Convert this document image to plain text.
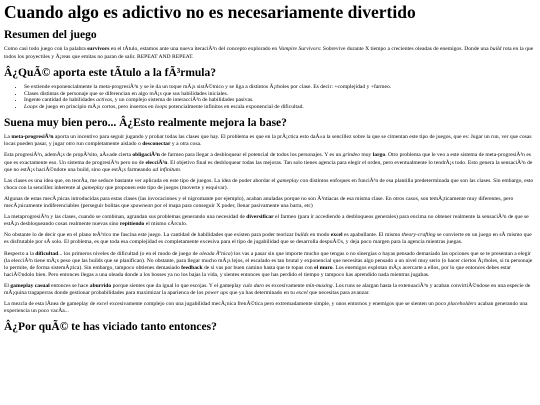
Cuando algo es adictivo no es necesariamente divertido
Resumen del juego

Como casi todo juego con la palabra survivors en el tÃtulo, estamos ante una nueva iteraciÃ³n del concepto explorado en Vampire Survivors: Sobrevive durante X tiempo a crecientes oleadas de enemigos. Donde una build rota en la que todos los proyectiles y Ã¡reas que emitas no paran de salir. REPEAT AND REPEAT.

Â¿QuÃ© aporta este tÃtulo a la fÃ³rmula?
• Se extiende exponencialmente la meta-progresiÃ³n y se le da un toque mÃ¡s sistÃ©mico y se liga a distintos Ã¡rboles por clase. Es decir: +complejidad y +farmeo.
• Clases distintas de personaje que se diferencian en algo mÃ¡s que sus habilidades iniciales.
• Ingente cantidad de habilidades activas, y un complejo sistema de interacciÃ³n de habilidades pasivas.
• Loops de juego en principio mÃ¡s cortos, pero insertos en loops potencialmente infinitos en escala exponencial de dificultad.
Suena muy bien pero... Â¿Esto realmente mejora la base?

La meta-progresiÃ³n aporta un incentivo para seguir jugando y probar todas las clases que hay. El problema es que en la prÃ¡ctica esto daÃ±a la sencillez sobre la que se cimentan este tipo de juegos, que es: Jugar un run, ver que cosas locas pueden pasar, y jugar otro run completamente aislado o desconectar y a otra cosa.

Esta progresiÃ³n, ademÃ¡s de propÃ³sito, aÃ±ade cierta obligaciÃ³n de farmeo para llegar a desbloquear el potencial de todos los personajes. Y es un grindeo muy largo. Otro problema que le veo a este sistema de meta-progresiÃ³n es que es exactamente eso. Un sistema de progresiÃ³n pero no de elecciÃ³n. El objetivo final es desbloquear todas las mejoras. Tan solo tienes agencia para elegir el orden, pero eventualmente lo tendrÃ¡s todo. Esto genera la sensaciÃ³n de que no estÃ¡s haciÃ©ndote una build, sino que estÃ¡s farmeando ad infinitum.

Las clases es una idea que, en teorÃa, me seduce bastante ver aplicada en este tipo de juegos. La idea de poder abordar el gameplay con distintos enfoques en funciÃ³n de esa plantilla predeterminada que son las clases. Sin embargo, esto choca con la sencillez inherente al gameplay que proponen este tipo de juegos (moverte y esquivar).

Algunas de estas mecÃ¡nicas introducidas para estas clases (las invocaciones y el nigromante por ejemplo), acaban anuladas porque no son Ã³ntiacas de esa misma clase. En otros casos, son temÃ¡ticamente muy diferentes, pero mecÃ¡nicamente indiferenciables (perseguir bolitas que spawnean por el mapa para conseguir X poder, llenar pasivamente una barra, etc)

La metaprogresiÃ³n y las clases, cuando se combinan, agrandan sus problemas generando una necesidad de diversificar el farmeo (para ir accediendo a desbloqueos generales) para encima no obtener realmente la sensaciÃ³n de que se estÃ¡n desbloqueando cosas realmente nuevas sino repitiendo el mismo cÃrculo.

No obstante lo de decir que en el plano teÃ³rico me fascina este juego. La cantidad de habilidades que existen para poder teorizar builds en modo excel es apabullante. El mismo theory-crafting se convierte en un juego en sÃ mismo que es disfrutable por sÃ solo. El problema, es que toda esa complejidad es completamente excesiva para el tipo de jugabilidad que se desarrolla despuÃ©s, y deja poco margen para la agencia mientras juegas.

Respecto a la dificultad... los primeros niveles de dificultad (o en el modo de juego de oleada Ãºnica) los vas a pasar sin que importe mucho que tengas o no sinergias o hayas pensado demasiado las opciones que se te presentan a elegir (la elecciÃ³n tiene mÃ¡s peso que las builds que se planifican). No obstante, para llegar mucho mÃ¡s lejos, el escalado es tan brutal y exponencial que necesitas algo pensado a un nivel muy serio (o hacer ciertos Ã¡rboles, si tu personaje lo permite, de forma sistemÃ¡tica). Sin embargo, tampoco obtienes demasiado feedback de si vas por buen camino hasta que te topas con el muro. Los enemigos explotan mÃ¡s acercarte a ellos, por lo que entonces debes estar haciÃ©ndolo bien. Pero entonces llegas a una oleada donde a los bosses ya no los bajas la vida, y sientes entonces que has perdido el tiempo y tampoco has aprendido nada mientras jugabas.

El gameplay casual entonces se hace aburrido porque sientes que da igual lo que escojas. Y el gameplay culo duro es excesivamente min-maxing. Los runs se alargan hasta la extenuaciÃ³n y acaban convirtiÃ©ndose en una especie de mÃ¡quina tragaperras donde gestionar probabilidades para maximizar la aparienca de los power ups que ya has determinado en tu excel que necesitas para avanzar.

La mezcla de esta lÃnea de gameplay de excel excesivamente complejo con una jugabilidad mecÃ¡nica frenÃ©tica pero extremadamente simple, y unos entornos y enemigos que se sienten un poco placeholders acaban generando una experiencia un poco vacÃa...

Â¿Por quÃ© te has viciado tanto entonces?
